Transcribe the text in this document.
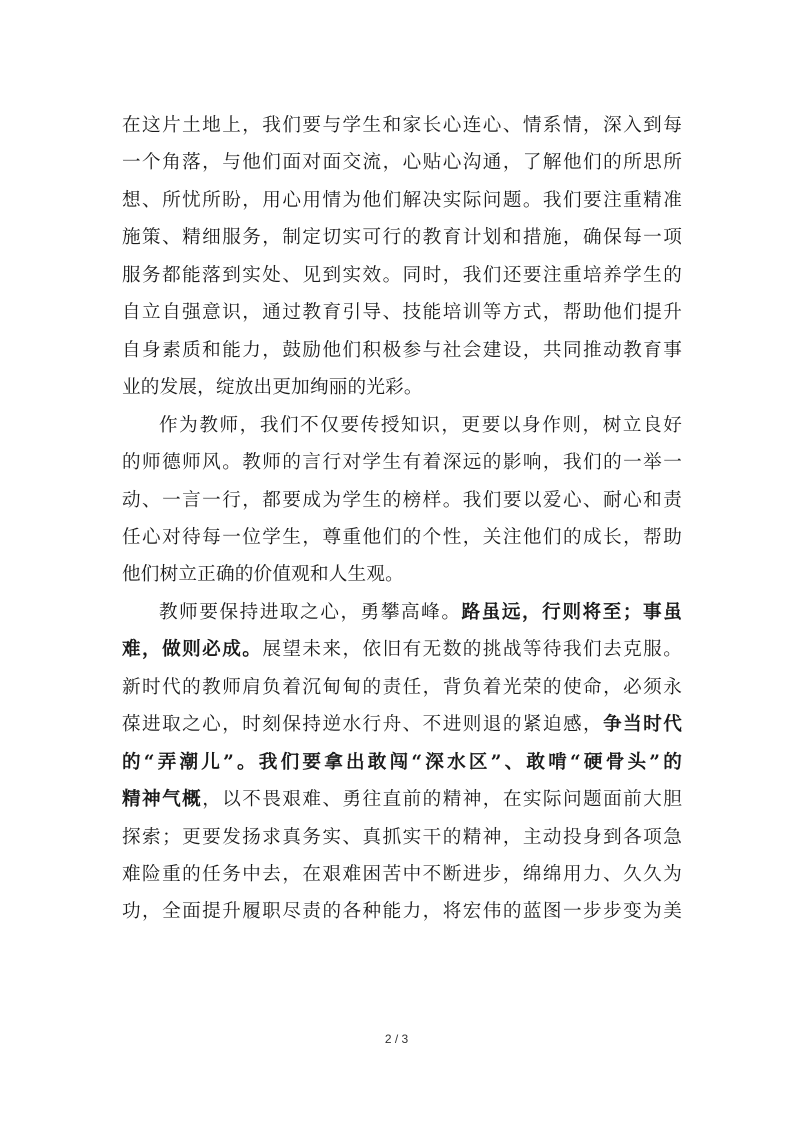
在这片土地上，我们要与学生和家长心连心、情系情，深入到每
一个角落，与他们面对面交流，心贴心沟通，了解他们的所思所
想、所忧所盼，用心用情为他们解决实际问题。我们要注重精准
施策、精细服务，制定切实可行的教育计划和措施，确保每一项
服务都能落到实处、见到实效。同时，我们还要注重培养学生的
自立自强意识，通过教育引导、技能培训等方式，帮助他们提升
自身素质和能力，鼓励他们积极参与社会建设，共同推动教育事
业的发展，绽放出更加绚丽的光彩。
作为教师，我们不仅要传授知识，更要以身作则，树立良好
的师德师风。教师的言行对学生有着深远的影响，我们的一举一
动、一言一行，都要成为学生的榜样。我们要以爱心、耐心和责
任心对待每一位学生，尊重他们的个性，关注他们的成长，帮助
他们树立正确的价值观和人生观。
教师要保持进取之心，勇攀高峰。路虽远，行则将至；事虽
难，做则必成。展望未来，依旧有无数的挑战等待我们去克服。
新时代的教师肩负着沉甸甸的责任，背负着光荣的使命，必须永
葆进取之心，时刻保持逆水行舟、不进则退的紧迫感，争当时代
的“弄潮儿”。我们要拿出敢闯“深水区”、敢啃“硬骨头”的
精神气概，以不畏艰难、勇往直前的精神，在实际问题面前大胆
探索；更要发扬求真务实、真抓实干的精神，主动投身到各项急
难险重的任务中去，在艰难困苦中不断进步，绵绵用力、久久为
功，全面提升履职尽责的各种能力，将宏伟的蓝图一步步变为美
2 / 3
